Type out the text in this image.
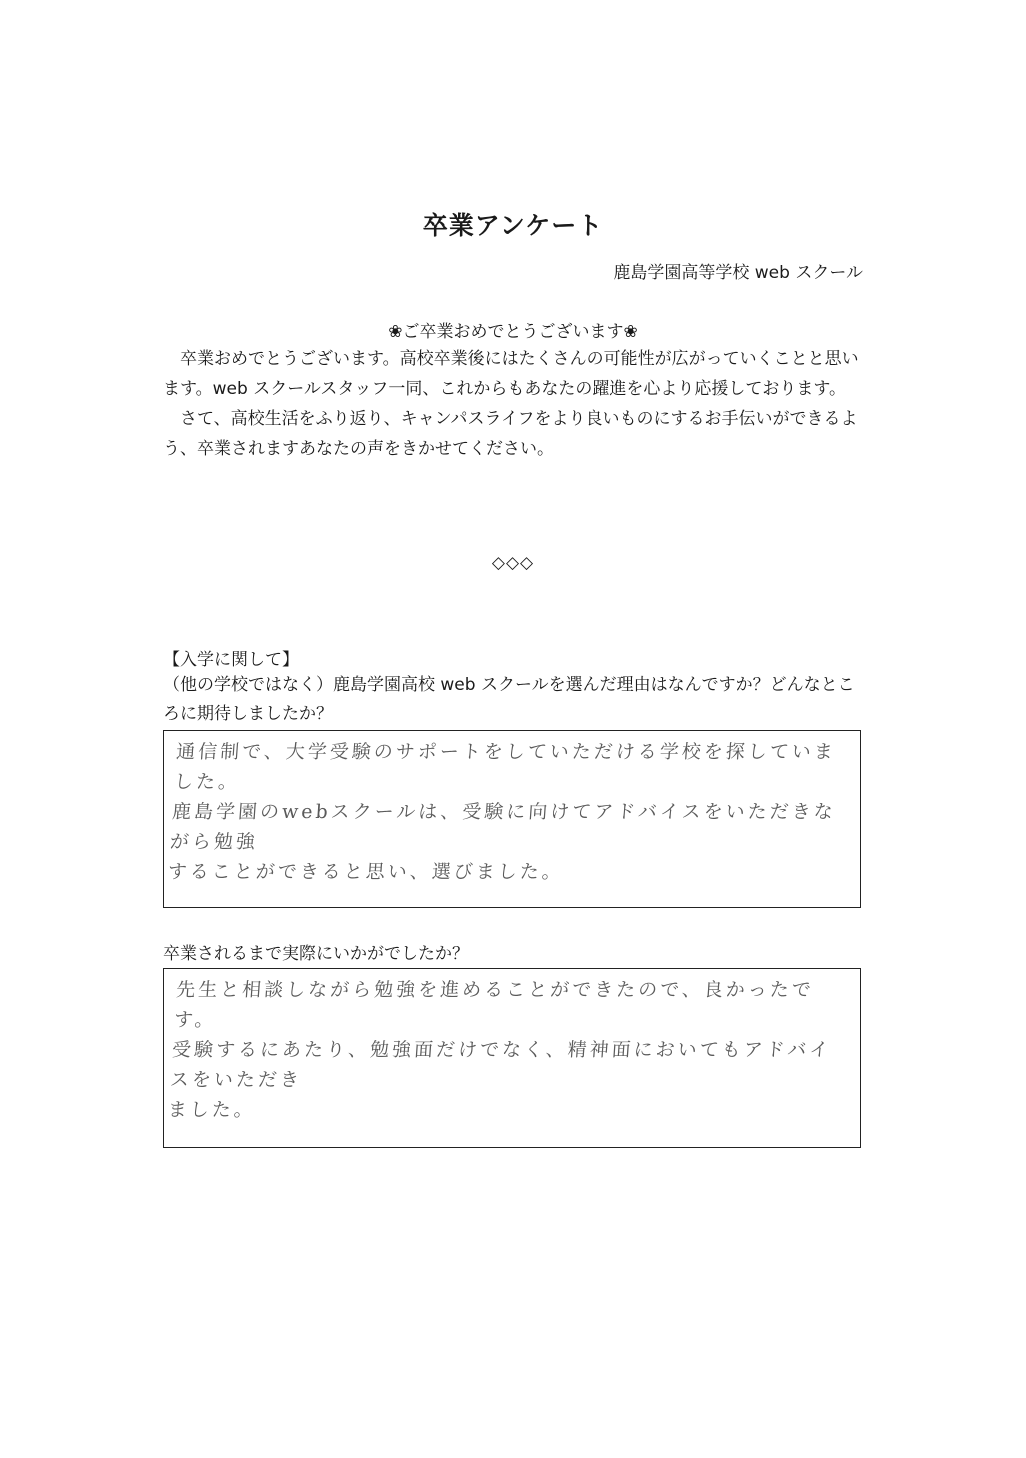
卒業アンケート
鹿島学園高等学校 web スクール
❀ご卒業おめでとうございます❀

卒業おめでとうございます。高校卒業後にはたくさんの可能性が広がっていくことと思います。web スクールスタッフ一同、これからもあなたの躍進を心より応援しております。

さて、高校生活をふり返り、キャンパスライフをより良いものにするお手伝いができるよう、卒業されますあなたの声をきかせてください。

◇◇◇
【入学に関して】
（他の学校ではなく）鹿島学園高校 web スクールを選んだ理由はなんですか？どんなところに期待しましたか？
通信制で、大学受験のサポートをしていただける学校を探していました。
鹿島学園のwebスクールは、受験に向けてアドバイスをいただきながら勉強
することができると思い、選びました。
卒業されるまで実際にいかがでしたか？
先生と相談しながら勉強を進めることができたので、良かったです。
受験するにあたり、勉強面だけでなく、精神面においてもアドバイスをいただき
ました。
